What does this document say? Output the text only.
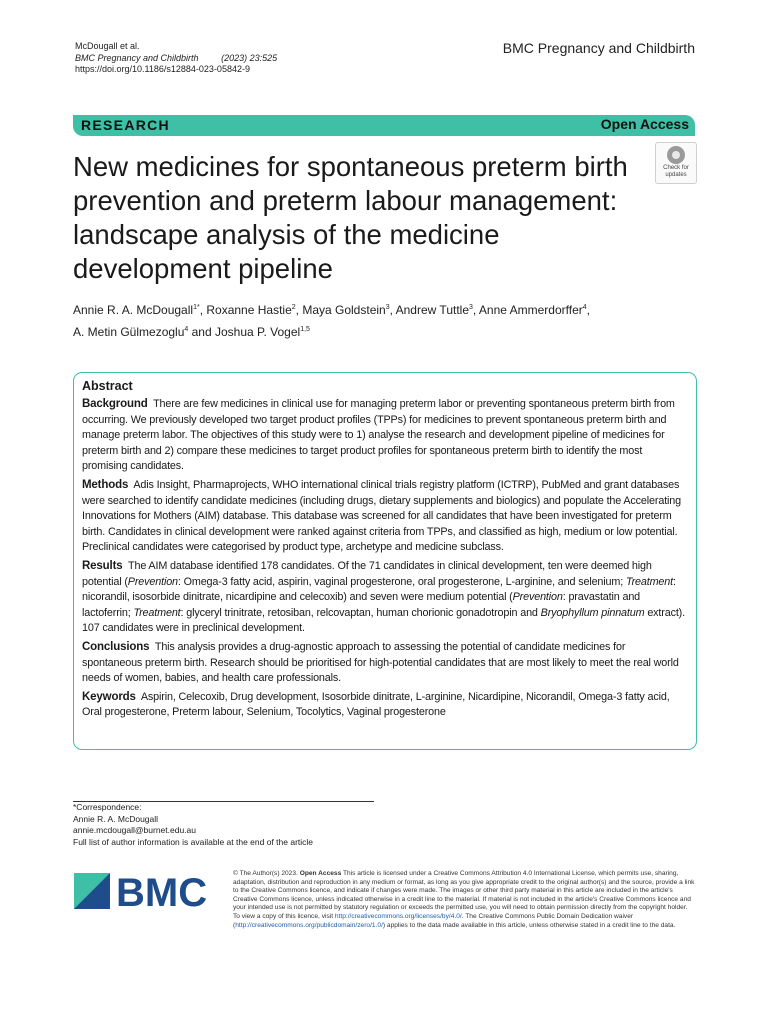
McDougall et al.
BMC Pregnancy and Childbirth	(2023) 23:525
https://doi.org/10.1186/s12884-023-05842-9
BMC Pregnancy and Childbirth
RESEARCH	Open Access
New medicines for spontaneous preterm birth prevention and preterm labour management: landscape analysis of the medicine development pipeline
Check for
updates
Annie R. A. McDougall$^{1*}$, Roxanne Hastie$^2$, Maya Goldstein$^3$, Andrew Tuttle$^3$, Anne Ammerdorffer$^4$,
A. Metin Gülmezoglu$^4$ and Joshua P. Vogel$^{1,5}$
Abstract

Background There are few medicines in clinical use for managing preterm labor or preventing spontaneous preterm birth from occurring. We previously developed two target product profiles (TPPs) for medicines to prevent spontaneous preterm birth and manage preterm labor. The objectives of this study were to 1) analyse the research and development pipeline of medicines for preterm birth and 2) compare these medicines to target product profiles for spontaneous preterm birth to identify the most promising candidates.

Methods Adis Insight, Pharmaprojects, WHO international clinical trials registry platform (ICTRP), PubMed and grant databases were searched to identify candidate medicines (including drugs, dietary supplements and biologics) and populate the Accelerating Innovations for Mothers (AIM) database. This database was screened for all candidates that have been investigated for preterm birth. Candidates in clinical development were ranked against criteria from TPPs, and classified as high, medium or low potential. Preclinical candidates were categorised by product type, archetype and medicine subclass.

Results The AIM database identified 178 candidates. Of the 71 candidates in clinical development, ten were deemed high potential (Prevention: Omega-3 fatty acid, aspirin, vaginal progesterone, oral progesterone, L-arginine, and selenium; Treatment: nicorandil, isosorbide dinitrate, nicardipine and celecoxib) and seven were medium potential (Prevention: pravastatin and lactoferrin; Treatment: glyceryl trinitrate, retosiban, relcovaptan, human chorionic gonadotropin and Bryophyllum pinnatum extract). 107 candidates were in preclinical development.

Conclusions This analysis provides a drug-agnostic approach to assessing the potential of candidate medicines for spontaneous preterm birth. Research should be prioritised for high-potential candidates that are most likely to meet the real world needs of women, babies, and health care professionals.

Keywords Aspirin, Celecoxib, Drug development, Isosorbide dinitrate, L-arginine, Nicardipine, Nicorandil, Omega-3 fatty acid, Oral progesterone, Preterm labour, Selenium, Tocolytics, Vaginal progesterone

*Correspondence:
Annie R. A. McDougall
annie.mcdougall@burnet.edu.au
Full list of author information is available at the end of the article
BMC	© The Author(s) 2023. Open Access This article is licensed under a Creative Commons Attribution 4.0 International License, which permits use, sharing, adaptation, distribution and reproduction in any medium or format, as long as you give appropriate credit to the original author(s) and the source, provide a link to the Creative Commons licence, and indicate if changes were made. The images or other third party material in this article are included in the article's Creative Commons licence, unless indicated otherwise in a credit line to the material. If material is not included in the article's Creative Commons licence and your intended use is not permitted by statutory regulation or exceeds the permitted use, you will need to obtain permission directly from the copyright holder. To view a copy of this licence, visit http://creativecommons.org/licenses/by/4.0/. The Creative Commons Public Domain Dedication waiver (http://creativecommons.org/publicdomain/zero/1.0/) applies to the data made available in this article, unless otherwise stated in a credit line to the data.
